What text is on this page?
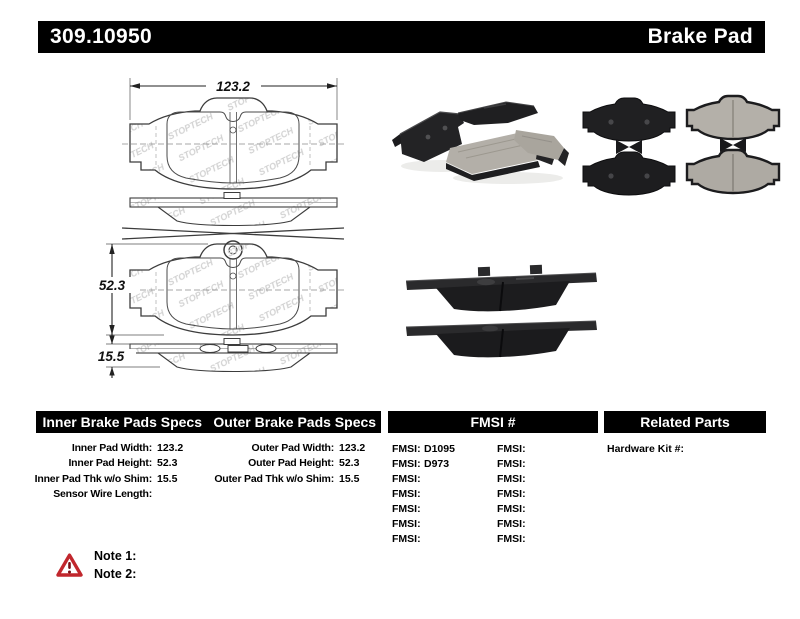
309.10950	Brake Pad
123.2
52.3
15.5
Inner Brake Pads Specs Outer Brake Pads Specs	FMSI #	Related Parts
Inner Pad Width: 123.2
Inner Pad Height: 52.3
Inner Pad Thk w/o Shim: 15.5
Sensor Wire Length:
Outer Pad Width: 123.2
Outer Pad Height: 52.3
Outer Pad Thk w/o Shim: 15.5
FMSI: D1095
FMSI: D973
FMSI:
FMSI:
FMSI:
FMSI:
FMSI:
FMSI:
FMSI:
FMSI:
FMSI:
FMSI:
FMSI:
FMSI:
Hardware Kit #:
Note 1:
Note 2:
